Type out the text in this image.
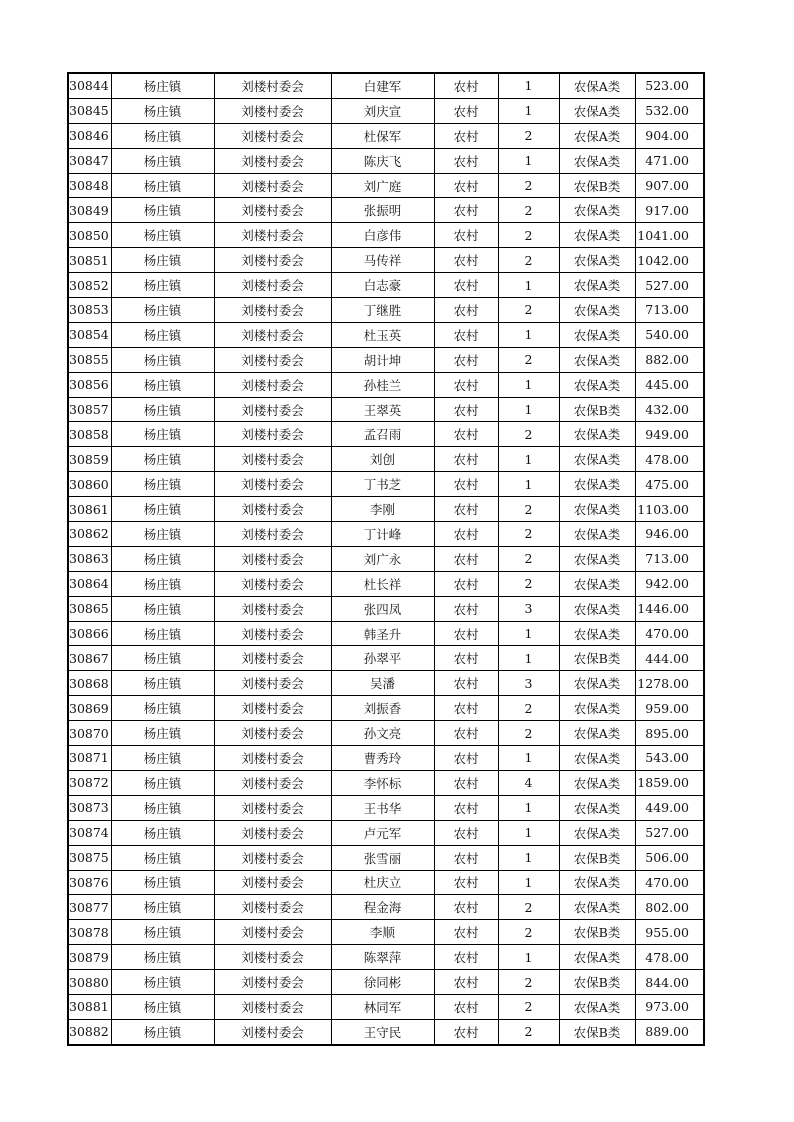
30844	杨庄镇	刘楼村委会	白建军	农村	1	农保A类	523.00
30845	杨庄镇	刘楼村委会	刘庆宣	农村	1	农保A类	532.00
30846	杨庄镇	刘楼村委会	杜保军	农村	2	农保A类	904.00
30847	杨庄镇	刘楼村委会	陈庆飞	农村	1	农保A类	471.00
30848	杨庄镇	刘楼村委会	刘广庭	农村	2	农保B类	907.00
30849	杨庄镇	刘楼村委会	张振明	农村	2	农保A类	917.00
30850	杨庄镇	刘楼村委会	白彦伟	农村	2	农保A类	1041.00
30851	杨庄镇	刘楼村委会	马传祥	农村	2	农保A类	1042.00
30852	杨庄镇	刘楼村委会	白志豪	农村	1	农保A类	527.00
30853	杨庄镇	刘楼村委会	丁继胜	农村	2	农保A类	713.00
30854	杨庄镇	刘楼村委会	杜玉英	农村	1	农保A类	540.00
30855	杨庄镇	刘楼村委会	胡计坤	农村	2	农保A类	882.00
30856	杨庄镇	刘楼村委会	孙桂兰	农村	1	农保A类	445.00
30857	杨庄镇	刘楼村委会	王翠英	农村	1	农保B类	432.00
30858	杨庄镇	刘楼村委会	孟召雨	农村	2	农保A类	949.00
30859	杨庄镇	刘楼村委会	刘创	农村	1	农保A类	478.00
30860	杨庄镇	刘楼村委会	丁书芝	农村	1	农保A类	475.00
30861	杨庄镇	刘楼村委会	李刚	农村	2	农保A类	1103.00
30862	杨庄镇	刘楼村委会	丁计峰	农村	2	农保A类	946.00
30863	杨庄镇	刘楼村委会	刘广永	农村	2	农保A类	713.00
30864	杨庄镇	刘楼村委会	杜长祥	农村	2	农保A类	942.00
30865	杨庄镇	刘楼村委会	张四凤	农村	3	农保A类	1446.00
30866	杨庄镇	刘楼村委会	韩圣升	农村	1	农保A类	470.00
30867	杨庄镇	刘楼村委会	孙翠平	农村	1	农保B类	444.00
30868	杨庄镇	刘楼村委会	吴潘	农村	3	农保A类	1278.00
30869	杨庄镇	刘楼村委会	刘振香	农村	2	农保A类	959.00
30870	杨庄镇	刘楼村委会	孙文亮	农村	2	农保A类	895.00
30871	杨庄镇	刘楼村委会	曹秀玲	农村	1	农保A类	543.00
30872	杨庄镇	刘楼村委会	李怀标	农村	4	农保A类	1859.00
30873	杨庄镇	刘楼村委会	王书华	农村	1	农保A类	449.00
30874	杨庄镇	刘楼村委会	卢元军	农村	1	农保A类	527.00
30875	杨庄镇	刘楼村委会	张雪丽	农村	1	农保B类	506.00
30876	杨庄镇	刘楼村委会	杜庆立	农村	1	农保A类	470.00
30877	杨庄镇	刘楼村委会	程金海	农村	2	农保A类	802.00
30878	杨庄镇	刘楼村委会	李顺	农村	2	农保B类	955.00
30879	杨庄镇	刘楼村委会	陈翠萍	农村	1	农保A类	478.00
30880	杨庄镇	刘楼村委会	徐同彬	农村	2	农保B类	844.00
30881	杨庄镇	刘楼村委会	林同军	农村	2	农保A类	973.00
30882	杨庄镇	刘楼村委会	王守民	农村	2	农保B类	889.00
